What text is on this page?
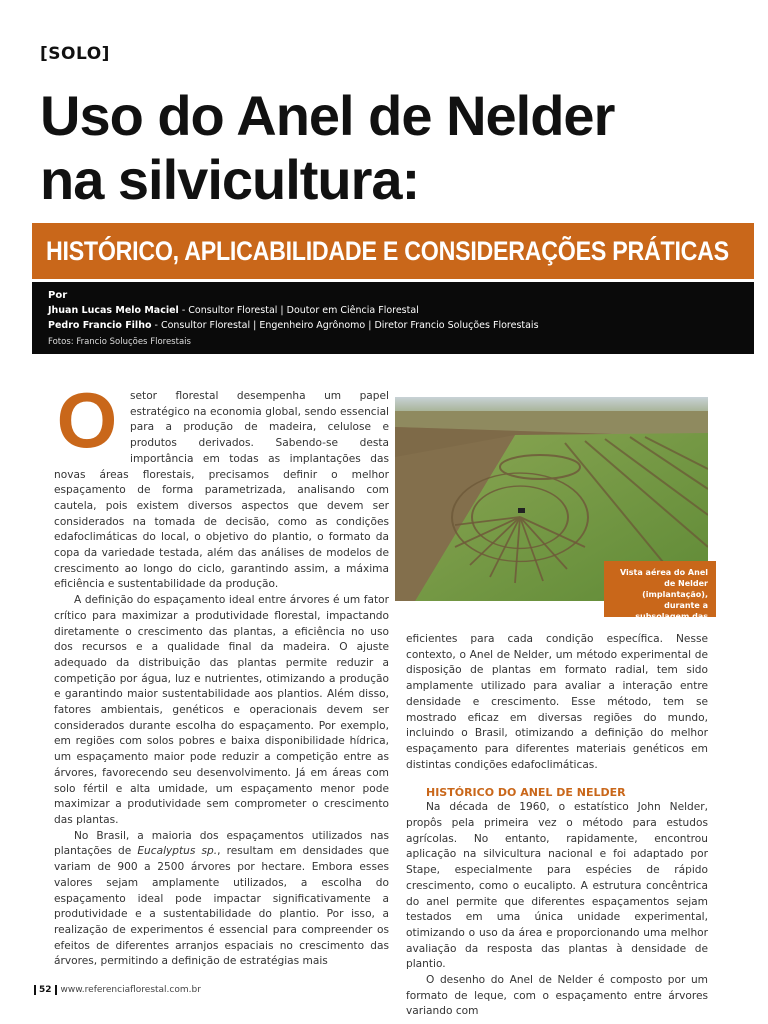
[SOLO]
Uso do Anel de Nelder
na silvicultura:
HISTÓRICO, APLICABILIDADE E CONSIDERAÇÕES PRÁTICAS
Por
Jhuan Lucas Melo Maciel - Consultor Florestal | Doutor em Ciência Florestal
Pedro Francio Filho - Consultor Florestal | Engenheiro Agrônomo | Diretor Francio Soluções Florestais
Fotos: Francio Soluções Florestais

O setor florestal desempenha um papel estratégico na economia global, sendo essencial para a produção de madeira, celulose e produtos derivados. Sabendo-se desta importância em todas as implantações das novas áreas florestais, precisamos definir o melhor espaçamento de forma parametrizada, analisando com cautela, pois existem diversos aspectos que devem ser considerados na tomada de decisão, como as condições edafoclimáticas do local, o objetivo do plantio, o formato da copa da variedade testada, além das análises de modelos de crescimento ao longo do ciclo, garantindo assim, a máxima eficiência e sustentabilidade da produção.

A definição do espaçamento ideal entre árvores é um fator crítico para maximizar a produtividade florestal, impactando diretamente o crescimento das plantas, a eficiência no uso dos recursos e a qualidade final da madeira. O ajuste adequado da distribuição das plantas permite reduzir a competição por água, luz e nutrientes, otimizando a produção e garantindo maior sustentabilidade aos plantios. Além disso, fatores ambientais, genéticos e operacionais devem ser considerados durante escolha do espaçamento. Por exemplo, em regiões com solos pobres e baixa disponibilidade hídrica, um espaçamento maior pode reduzir a competição entre as árvores, favorecendo seu desenvolvimento. Já em áreas com solo fértil e alta umidade, um espaçamento menor pode maximizar a produtividade sem comprometer o crescimento das plantas.

No Brasil, a maioria dos espaçamentos utilizados nas plantações de Eucalyptus sp., resultam em densidades que variam de 900 a 2500 árvores por hectare. Embora esses valores sejam amplamente utilizados, a escolha do espaçamento ideal pode impactar significativamente a produtividade e a sustentabilidade do plantio. Por isso, a realização de experimentos é essencial para compreender os efeitos de diferentes arranjos espaciais no crescimento das árvores, permitindo a definição de estratégias mais

Vista aérea do Anel de Nelder (implantação), durante a subsolagem das linhas de plantio

eficientes para cada condição específica. Nesse contexto, o Anel de Nelder, um método experimental de disposição de plantas em formato radial, tem sido amplamente utilizado para avaliar a interação entre densidade e crescimento. Esse método, tem se mostrado eficaz em diversas regiões do mundo, incluindo o Brasil, otimizando a definição do melhor espaçamento para diferentes materiais genéticos em distintas condições edafoclimáticas.

HISTÓRICO DO ANEL DE NELDER

Na década de 1960, o estatístico John Nelder, propôs pela primeira vez o método para estudos agrícolas. No entanto, rapidamente, encontrou aplicação na silvicultura nacional e foi adaptado por Stape, especialmente para espécies de rápido crescimento, como o eucalipto. A estrutura concêntrica do anel permite que diferentes espaçamentos sejam testados em uma única unidade experimental, otimizando o uso da área e proporcionando uma melhor avaliação da resposta das plantas à densidade de plantio.

O desenho do Anel de Nelder é composto por um formato de leque, com o espaçamento entre árvores variando com

52 www.referenciaflorestal.com.br
